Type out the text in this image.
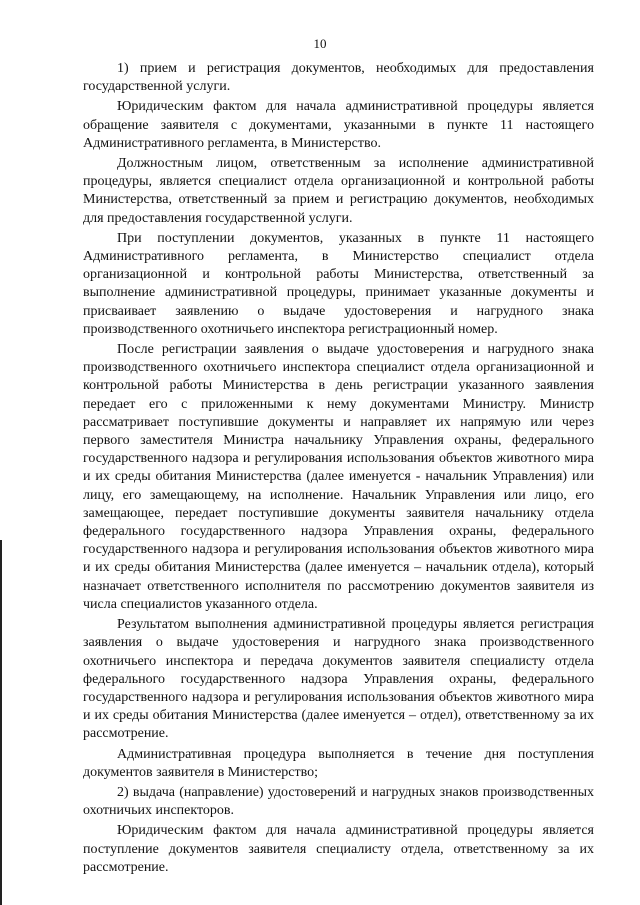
10

1) прием и регистрация документов, необходимых для предоставления государственной услуги.

Юридическим фактом для начала административной процедуры является обращение заявителя с документами, указанными в пункте 11 настоящего Административного регламента, в Министерство.

Должностным лицом, ответственным за исполнение административной процедуры, является специалист отдела организационной и контрольной работы Министерства, ответственный за прием и регистрацию документов, необходимых для предоставления государственной услуги.

При поступлении документов, указанных в пункте 11 настоящего Административного регламента, в Министерство специалист отдела организационной и контрольной работы Министерства, ответственный за выполнение административной процедуры, принимает указанные документы и присваивает заявлению о выдаче удостоверения и нагрудного знака производственного охотничьего инспектора регистрационный номер.

После регистрации заявления о выдаче удостоверения и нагрудного знака производственного охотничьего инспектора специалист отдела организационной и контрольной работы Министерства в день регистрации указанного заявления передает его с приложенными к нему документами Министру. Министр рассматривает поступившие документы и направляет их напрямую или через первого заместителя Министра начальнику Управления охраны, федерального государственного надзора и регулирования использования объектов животного мира и их среды обитания Министерства (далее именуется - начальник Управления) или лицу, его замещающему, на исполнение. Начальник Управления или лицо, его замещающее, передает поступившие документы заявителя начальнику отдела федерального государственного надзора Управления охраны, федерального государственного надзора и регулирования использования объектов животного мира и их среды обитания Министерства (далее именуется – начальник отдела), который назначает ответственного исполнителя по рассмотрению документов заявителя из числа специалистов указанного отдела.

Результатом выполнения административной процедуры является регистрация заявления о выдаче удостоверения и нагрудного знака производственного охотничьего инспектора и передача документов заявителя специалисту отдела федерального государственного надзора Управления охраны, федерального государственного надзора и регулирования использования объектов животного мира и их среды обитания Министерства (далее именуется – отдел), ответственному за их рассмотрение.

Административная процедура выполняется в течение дня поступления документов заявителя в Министерство;

2) выдача (направление) удостоверений и нагрудных знаков производственных охотничьих инспекторов.

Юридическим фактом для начала административной процедуры является поступление документов заявителя специалисту отдела, ответственному за их рассмотрение.
